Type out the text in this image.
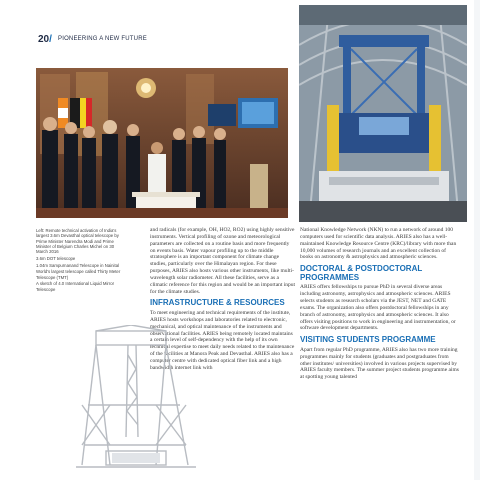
20/ PIONEERING A NEW FUTURE
Left: Remote technical activation of India's largest 3.6m Devasthal optical telescope by Prime Minister Narendra Modi and Prime Minister of Belgium Charles Michel on 30 March 2016
3.6m DOT telescope
1.04m Sampurnanand Telescope in Nainital
World's largest telescope called Thirty Meter Telescope (TMT)
A sketch of 4.0 International Liquid Mirror Telescope

and radicals (for example, OH, HO2, RO2) using highly sensitive instruments. Vertical profiling of ozone and meteorological parameters are collected on a routine basis and more frequently on events basis. Water vapour profiling up to the middle stratosphere is an important component for climate change studies, particularly over the Himalayan region. For these purposes, ARIES also hosts various other instruments, like multi-wavelength solar radiometer. All these facilities, serve as a climatic reference for this region and would be an important input for the climate studies.

INFRASTRUCTURE & RESOURCES

To meet engineering and technical requirements of the institute, ARIES hosts workshops and laboratories related to electronic, mechanical, and optical maintenance of the instruments and observational facilities. ARIES being remotely located maintains a certain level of self-dependency with the help of its own technical expertise to meet daily needs related to the maintenance of the facilities at Manora Peak and Devasthal. ARIES also has a computer centre with dedicated optical fiber link and a high bandwidth internet link with

National Knowledge Network (NKN) to run a network of around 100 computers used for scientific data analysis. ARIES also has a well-maintained Knowledge Resource Centre (KRC)/library with more than 10,000 volumes of research journals and an excellent collection of books on astronomy & astrophysics and atmospheric sciences.

DOCTORAL & POSTDOCTORAL PROGRAMMES

ARIES offers fellowships to pursue PhD in several diverse areas including astronomy, astrophysics and atmospheric sciences. ARIES selects students as research scholars via the JEST, NET and GATE exams. The organization also offers postdoctoral fellowships in any branch of astronomy, astrophysics and atmospheric sciences. It also offers visiting positions to work in engineering and instrumentation, or software development departments.

VISITING STUDENTS PROGRAMME

Apart from regular PhD programme, ARIES also has two more training programmes mainly for students (graduates and postgraduates from other institutes/ universities) involved in various projects supervised by ARIES faculty members. The summer project students programme aims at spotting young talented
